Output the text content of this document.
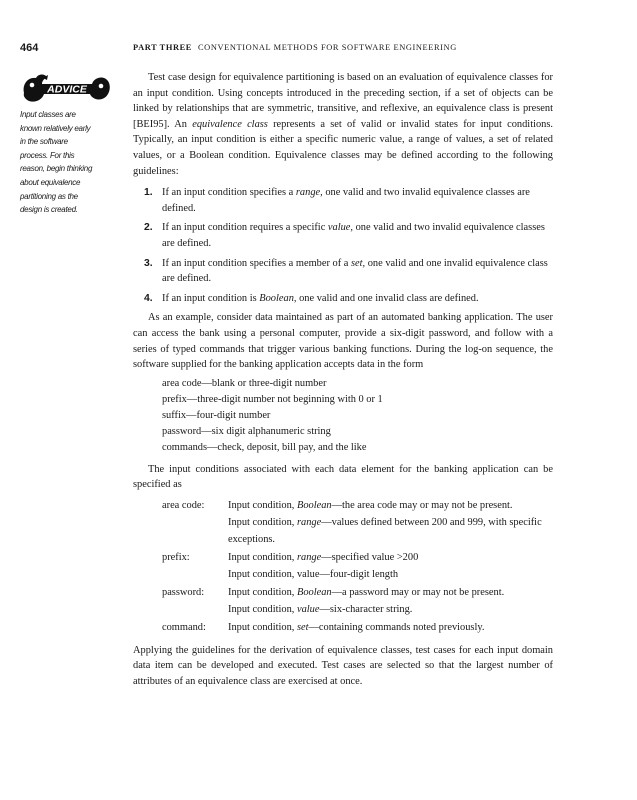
464	PART THREE CONVENTIONAL METHODS FOR SOFTWARE ENGINEERING
ADVICE

Input classes are known relatively early in the software process. For this reason, begin thinking about equivalence partitioning as the design is created.

Test case design for equivalence partitioning is based on an evaluation of equivalence classes for an input condition. Using concepts introduced in the preceding section, if a set of objects can be linked by relationships that are symmetric, transitive, and reflexive, an equivalence class is present [BEI95]. An equivalence class represents a set of valid or invalid states for input conditions. Typically, an input condition is either a specific numeric value, a range of values, a set of related values, or a Boolean condition. Equivalence classes may be defined according to the following guidelines:

1. If an input condition specifies a range, one valid and two invalid equivalence classes are defined.
2. If an input condition requires a specific value, one valid and two invalid equivalence classes are defined.
3. If an input condition specifies a member of a set, one valid and one invalid equivalence class are defined.
4. If an input condition is Boolean, one valid and one invalid class are defined.

As an example, consider data maintained as part of an automated banking application. The user can access the bank using a personal computer, provide a six-digit password, and follow with a series of typed commands that trigger various banking functions. During the log-on sequence, the software supplied for the banking application accepts data in the form

area code—blank or three-digit number
prefix—three-digit number not beginning with 0 or 1
suffix—four-digit number
password—six digit alphanumeric string
commands—check, deposit, bill pay, and the like

The input conditions associated with each data element for the banking application can be specified as

area code:	Input condition, Boolean—the area code may or may not be present.
	Input condition, range—values defined between 200 and 999, with specific exceptions.
prefix:	Input condition, range—specified value >200
	Input condition, value—four-digit length
password:	Input condition, Boolean—a password may or may not be present.
	Input condition, value—six-character string.
command:	Input condition, set—containing commands noted previously.

Applying the guidelines for the derivation of equivalence classes, test cases for each input domain data item can be developed and executed. Test cases are selected so that the largest number of attributes of an equivalence class are exercised at once.
